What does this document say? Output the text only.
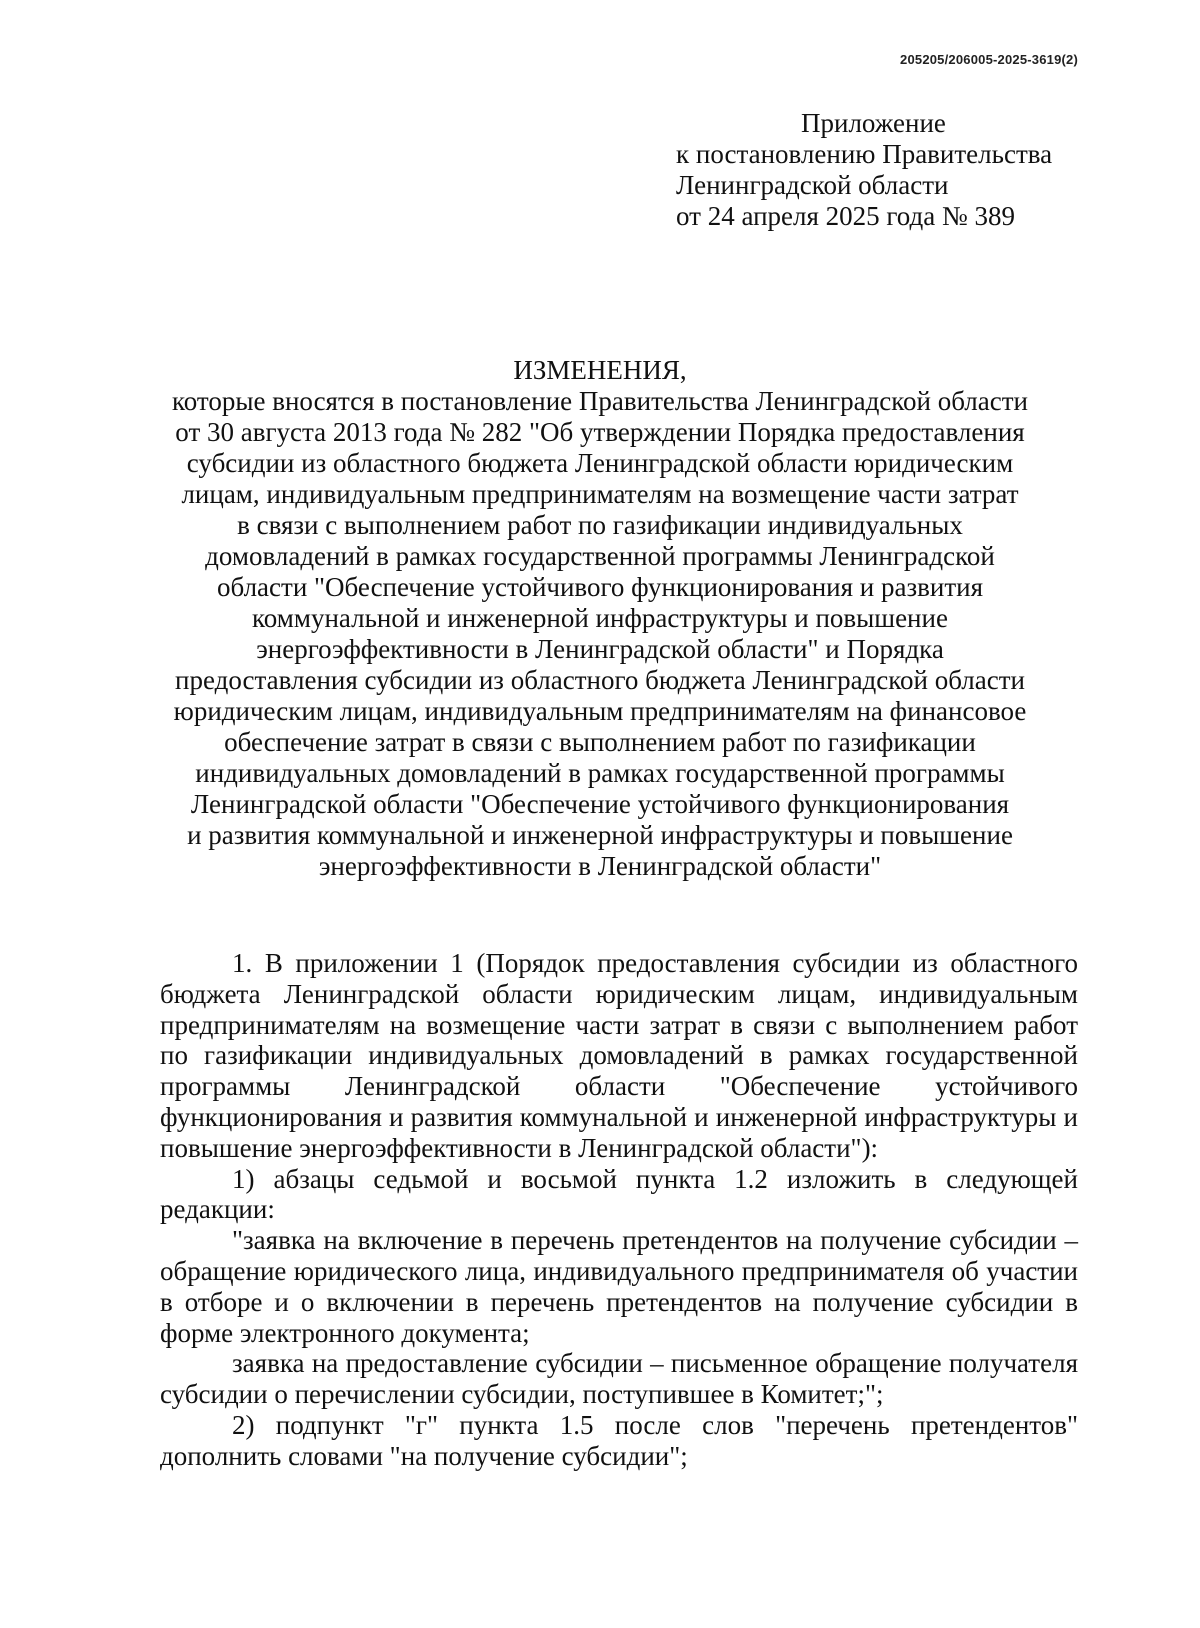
205205/206005-2025-3619(2)
Приложение
к постановлению Правительства
Ленинградской области
от 24 апреля 2025 года № 389
ИЗМЕНЕНИЯ,
которые вносятся в постановление Правительства Ленинградской области
от 30 августа 2013 года № 282 "Об утверждении Порядка предоставления
субсидии из областного бюджета Ленинградской области юридическим
лицам, индивидуальным предпринимателям на возмещение части затрат
в связи с выполнением работ по газификации индивидуальных
домовладений в рамках государственной программы Ленинградской
области "Обеспечение устойчивого функционирования и развития
коммунальной и инженерной инфраструктуры и повышение
энергоэффективности в Ленинградской области" и Порядка
предоставления субсидии из областного бюджета Ленинградской области
юридическим лицам, индивидуальным предпринимателям на финансовое
обеспечение затрат в связи с выполнением работ по газификации
индивидуальных домовладений в рамках государственной программы
Ленинградской области "Обеспечение устойчивого функционирования
и развития коммунальной и инженерной инфраструктуры и повышение
энергоэффективности в Ленинградской области"

1. В приложении 1 (Порядок предоставления субсидии из областного бюджета Ленинградской области юридическим лицам, индивидуальным предпринимателям на возмещение части затрат в связи с выполнением работ по газификации индивидуальных домовладений в рамках государственной программы Ленинградской области "Обеспечение устойчивого функционирования и развития коммунальной и инженерной инфраструктуры и повышение энергоэффективности в Ленинградской области"):

1) абзацы седьмой и восьмой пункта 1.2 изложить в следующей редакции:

"заявка на включение в перечень претендентов на получение субсидии – обращение юридического лица, индивидуального предпринимателя об участии в отборе и о включении в перечень претендентов на получение субсидии в форме электронного документа;

заявка на предоставление субсидии – письменное обращение получателя субсидии о перечислении субсидии, поступившее в Комитет;";

2) подпункт "г" пункта 1.5 после слов "перечень претендентов" дополнить словами "на получение субсидии";
